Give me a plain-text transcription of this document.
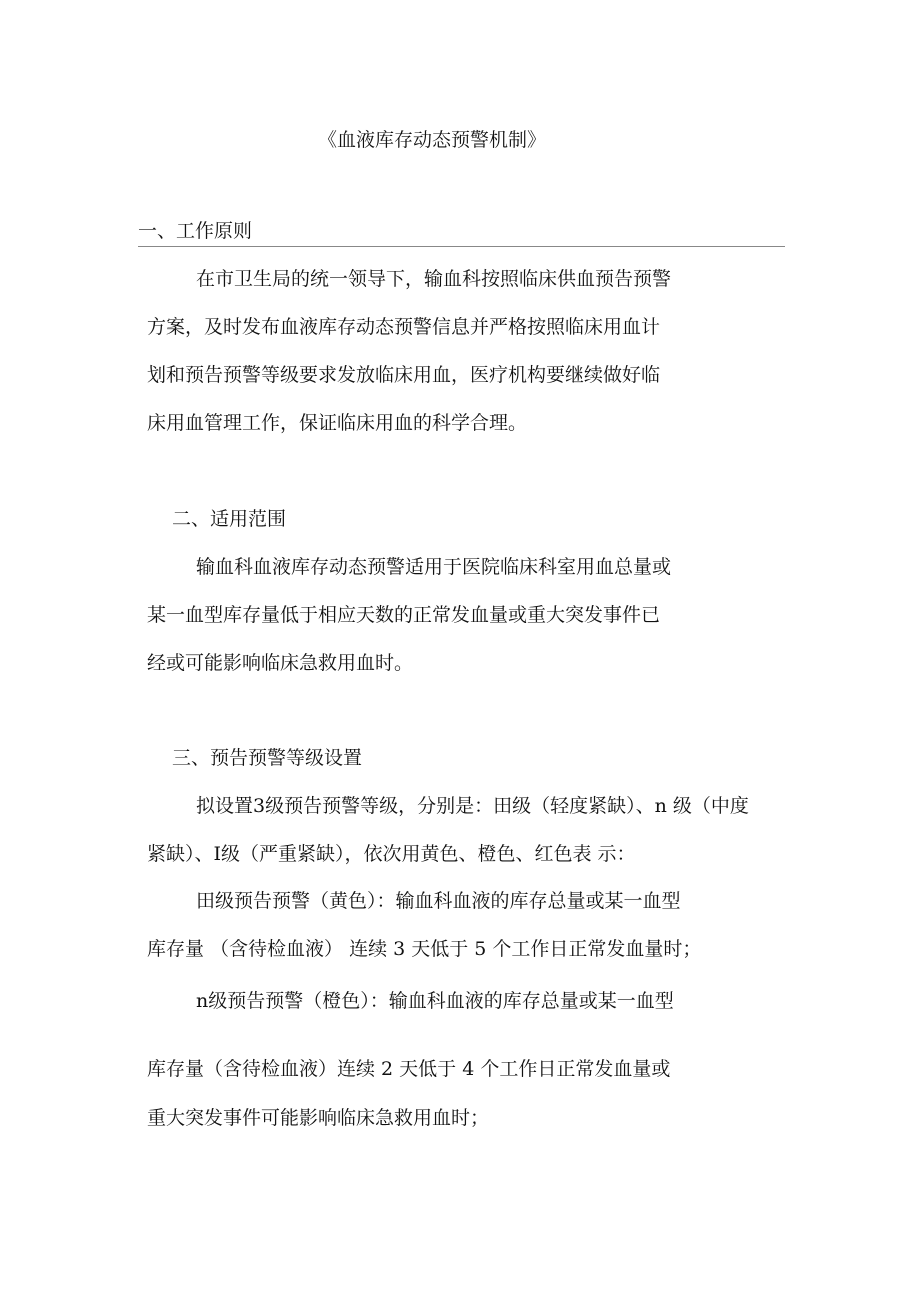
《血液库存动态预警机制》
一、工作原则
在市卫生局的统一领导下，输血科按照临床供血预告预警
方案，及时发布血液库存动态预警信息并严格按照临床用血计
划和预告预警等级要求发放临床用血，医疗机构要继续做好临
床用血管理工作，保证临床用血的科学合理。
二、适用范围
输血科血液库存动态预警适用于医院临床科室用血总量或
某一血型库存量低于相应天数的正常发血量或重大突发事件已
经或可能影响临床急救用血时。
三、预告预警等级设置
拟设置3级预告预警等级，分别是：田级（轻度紧缺）、n 级（中度
紧缺）、I级（严重紧缺），依次用黄色、橙色、红色表 示：
田级预告预警（黄色）：输血科血液的库存总量或某一血型
库存量 （含待检血液） 连续 3 天低于 5 个工作日正常发血量时；
n级预告预警（橙色）：输血科血液的库存总量或某一血型
库存量（含待检血液）连续 2 天低于 4 个工作日正常发血量或
重大突发事件可能影响临床急救用血时；
